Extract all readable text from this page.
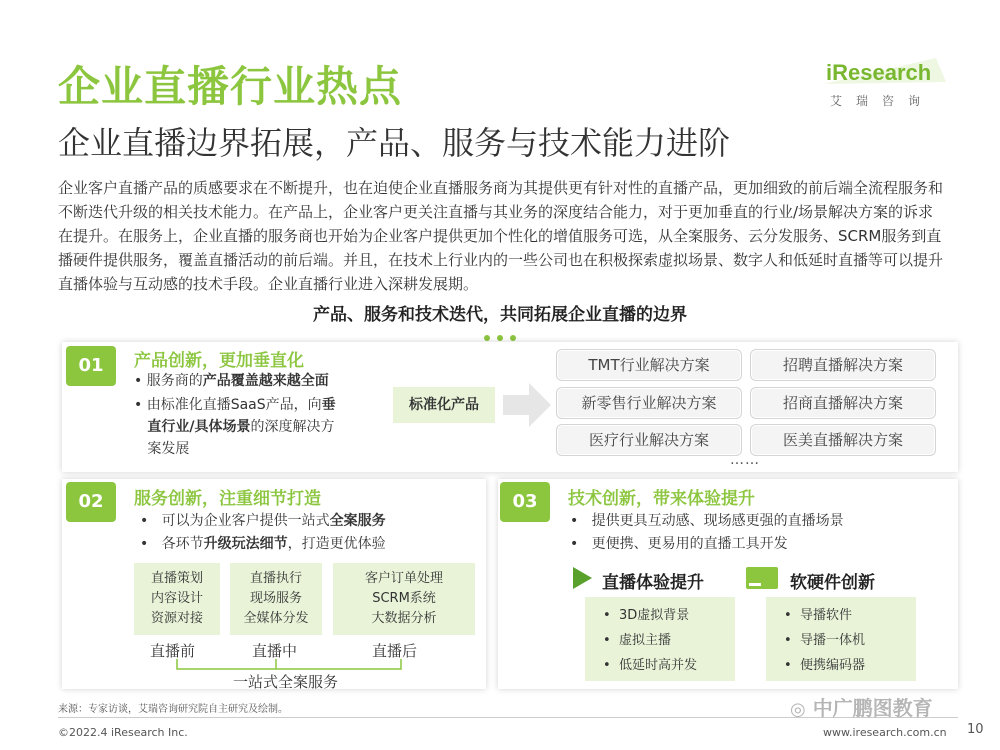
企业直播行业热点
企业直播边界拓展，产品、服务与技术能力进阶
iResearch
艾瑞咨询
企业客户直播产品的质感要求在不断提升，也在迫使企业直播服务商为其提供更有针对性的直播产品，更加细致的前后端全流程服务和不断迭代升级的相关技术能力。在产品上，企业客户更关注直播与其业务的深度结合能力，对于更加垂直的行业/场景解决方案的诉求在提升。在服务上，企业直播的服务商也开始为企业客户提供更加个性化的增值服务可选，从全案服务、云分发服务、SCRM服务到直播硬件提供服务，覆盖直播活动的前后端。并且，在技术上行业内的一些公司也在积极探索虚拟场景、数字人和低延时直播等可以提升直播体验与互动感的技术手段。企业直播行业进入深耕发展期。
产品、服务和技术迭代，共同拓展企业直播的边界
01	产品创新，更加垂直化
• 服务商的产品覆盖越来越全面
• 由标准化直播SaaS产品，向垂
直行业/具体场景的深度解决方
案发展
标准化产品
TMT行业解决方案	招聘直播解决方案
新零售行业解决方案	招商直播解决方案
医疗行业解决方案	医美直播解决方案
……
02	服务创新，注重细节打造
•   可以为企业客户提供一站式全案服务
•   各环节升级玩法细节，打造更优体验
直播策划
内容设计
资源对接
直播执行
现场服务
全媒体分发
客户订单处理
SCRM系统
大数据分析
直播前	直播中	直播后
一站式全案服务
03	技术创新，带来体验提升
•   提供更具互动感、现场感更强的直播场景
•   更便携、更易用的直播工具开发
直播体验提升	软硬件创新
•  3D虚拟背景
•  虚拟主播
•  低延时高并发
•  导播软件
•  导播一体机
•  便携编码器
来源：专家访谈，艾瑞咨询研究院自主研究及绘制。
©2022.4 iResearch Inc.	www.iresearch.com.cn 10
◎ 中广鹏图教育
